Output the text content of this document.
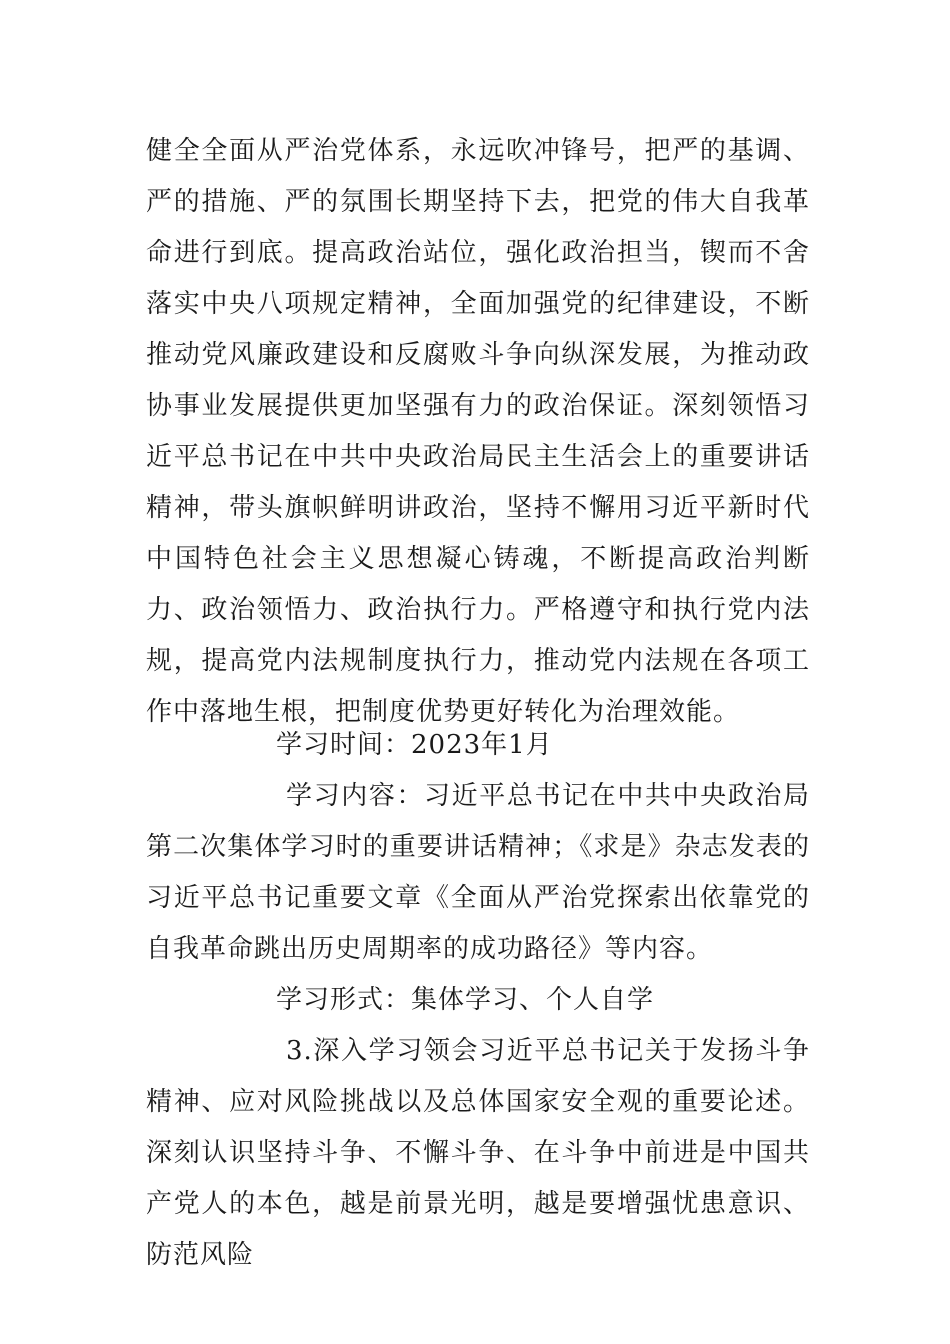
健全全面从严治党体系，永远吹冲锋号，把严的基调、严的措施、严的氛围长期坚持下去，把党的伟大自我革命进行到底。提高政治站位，强化政治担当，锲而不舍落实中央八项规定精神，全面加强党的纪律建设，不断推动党风廉政建设和反腐败斗争向纵深发展，为推动政协事业发展提供更加坚强有力的政治保证。深刻领悟习近平总书记在中共中央政治局民主生活会上的重要讲话精神，带头旗帜鲜明讲政治，坚持不懈用习近平新时代中国特色社会主义思想凝心铸魂，不断提高政治判断力、政治领悟力、政治执行力。严格遵守和执行党内法规，提高党内法规制度执行力，推动党内法规在各项工作中落地生根，把制度优势更好转化为治理效能。
学习时间：2023年1月
学习内容：习近平总书记在中共中央政治局第二次集体学习时的重要讲话精神；《求是》杂志发表的习近平总书记重要文章《全面从严治党探索出依靠党的自我革命跳出历史周期率的成功路径》等内容。
学习形式：集体学习、个人自学
3.深入学习领会习近平总书记关于发扬斗争精神、应对风险挑战以及总体国家安全观的重要论述。深刻认识坚持斗争、不懈斗争、在斗争中前进是中国共产党人的本色，越是前景光明，越是要增强忧患意识、防范风险
